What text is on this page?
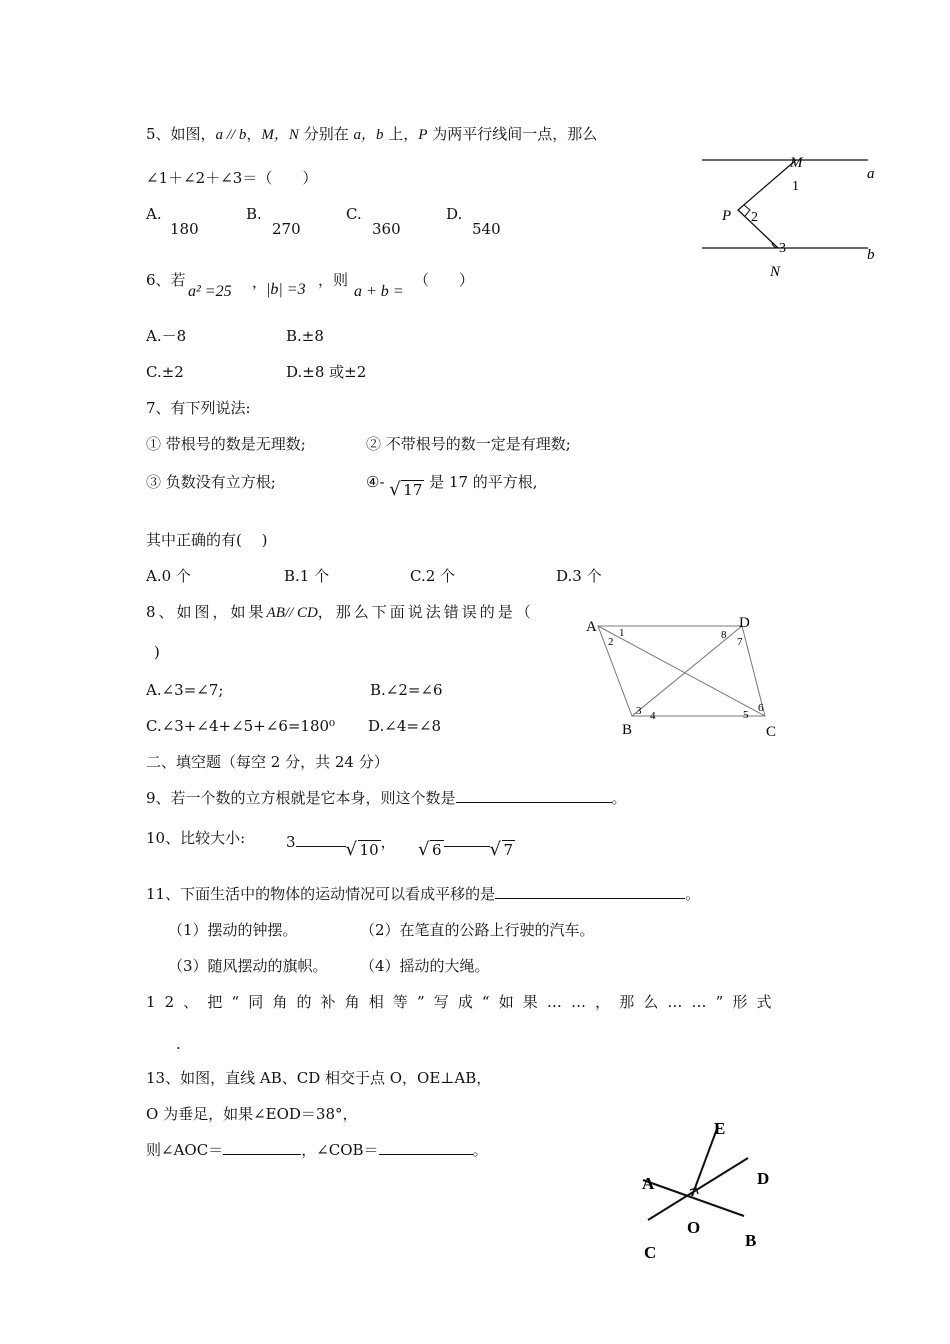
5、如图，a // b，M，N 分别在 a，b 上，P 为两平行线间一点，那么
∠1＋∠2＋∠3＝（　　）
A.
180
B.
270
C.
360
D.
540
M
a
1
P 2
3	b
N
6、若
a² =25
，
|b| =3
，则
a + b =
（　　）
A.－8	B.±8
C.±2	D.±8 或±2
7、有下列说法:
① 带根号的数是无理数;	② 不带根号的数一定是有理数;
③ 负数没有立方根;	④- √ 17 是 17 的平方根,
其中正确的有(　 )
A.0 个	B.1 个	C.2 个	D.3 个
8、如图，如果AB// CD，那么下面说法错误的是（
)
A.∠3=∠7;	B.∠2=∠6
C.∠3+∠4+∠5+∠6=180⁰ D.∠4=∠8
A	D
B	C
1
2
8
7
3 4	5
6
二、填空题（每空 2 分，共 24 分）
9、若一个数的立方根就是它本身，则这个数是	。
10、比较大小:	3	√ 10 ， √ 6	√ 7
11、下面生活中的物体的运动情况可以看成平移的是	。
（1）摆动的钟摆。	（2）在笔直的公路上行驶的汽车。
（3）随风摆动的旗帜。 （4）摇动的大绳。
12、把“同角的补角相等”写成“如果……，那么……”形式
.
13、如图，直线 AB、CD 相交于点 O，OE⊥AB，
O 为垂足，如果∠EOD＝38°，
则∠AOC＝	，∠COB＝	。
E
D
A
O
B
C
